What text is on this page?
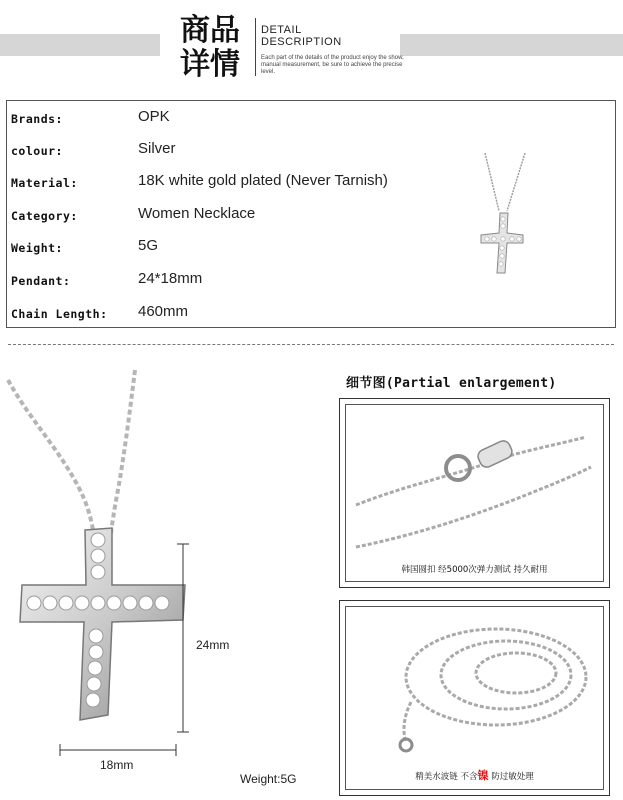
商品详情
DETAIL
DESCRIPTION
Each part of the details of the product enjoy the show, manual measurement, be sure to achieve the precise level.
Brands:	OPK
colour:	Silver
Material:	18K white gold plated (Never Tarnish)
Category:	Women Necklace
Weight:	5G
Pendant:	24*18mm
Chain Length: 460mm
24mm
18mm
Weight:5G
细节图(Partial enlargement)
韩国圆扣 经5000次弹力测试 持久耐用
精美水波链 不含镍 防过敏处理
